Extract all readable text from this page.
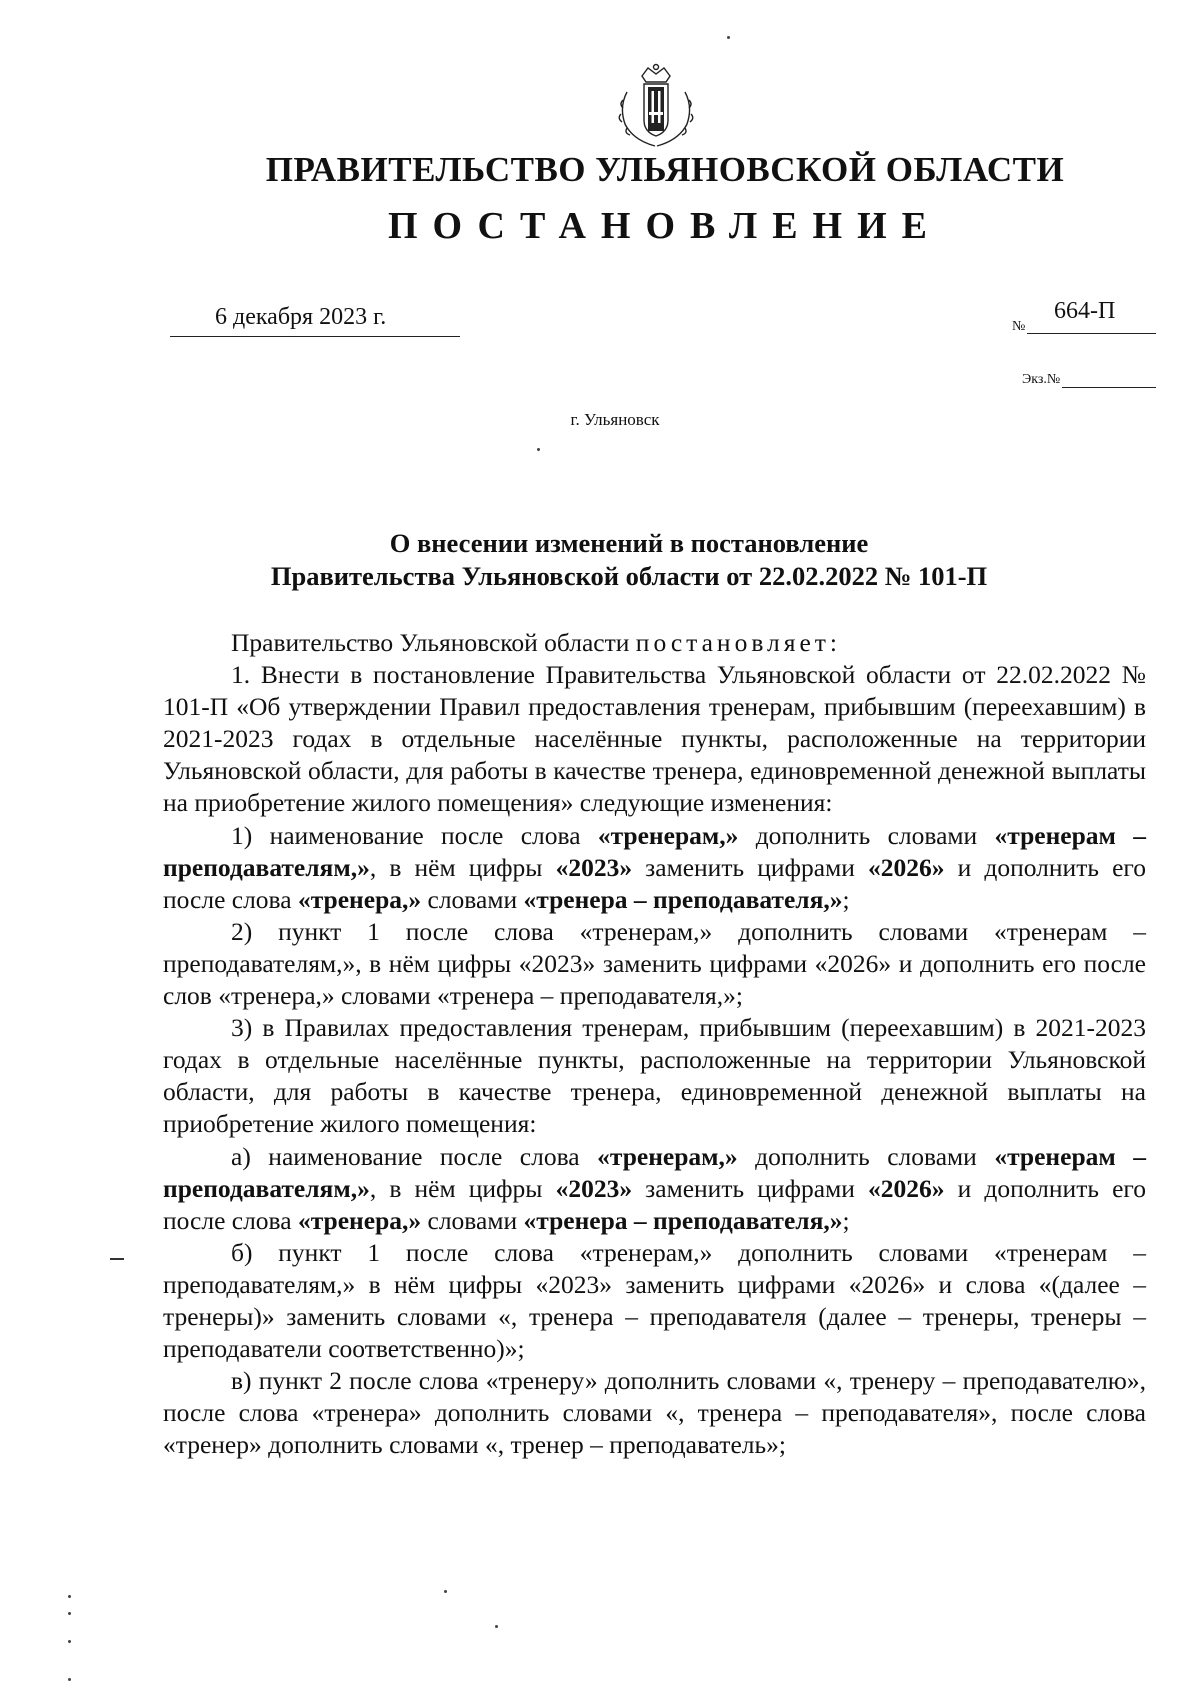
ПРАВИТЕЛЬСТВО УЛЬЯНОВСКОЙ ОБЛАСТИ
ПОСТАНОВЛЕНИЕ
6 декабря 2023 г.	664-П
№
Экз.№
г. Ульяновск
О внесении изменений в постановление
Правительства Ульяновской области от 22.02.2022 № 101-П

Правительство Ульяновской области постановляет:

1. Внести в постановление Правительства Ульяновской области от 22.02.2022 № 101-П «Об утверждении Правил предоставления тренерам, прибывшим (переехавшим) в 2021-2023 годах в отдельные населённые пункты, расположенные на территории Ульяновской области, для работы в качестве тренера, единовременной денежной выплаты на приобретение жилого помещения» следующие изменения:

1) наименование после слова «тренерам,» дополнить словами «тренерам – преподавателям,», в нём цифры «2023» заменить цифрами «2026» и дополнить его после слова «тренера,» словами «тренера – преподавателя,»;

2) пункт 1 после слова «тренерам,» дополнить словами «тренерам – преподавателям,», в нём цифры «2023» заменить цифрами «2026» и дополнить его после слов «тренера,» словами «тренера – преподавателя,»;

3) в Правилах предоставления тренерам, прибывшим (переехавшим) в 2021-2023 годах в отдельные населённые пункты, расположенные на территории Ульяновской области, для работы в качестве тренера, единовременной денежной выплаты на приобретение жилого помещения:

а) наименование после слова «тренерам,» дополнить словами «тренерам – преподавателям,», в нём цифры «2023» заменить цифрами «2026» и дополнить его после слова «тренера,» словами «тренера – преподавателя,»;

б) пункт 1 после слова «тренерам,» дополнить словами «тренерам – преподавателям,» в нём цифры «2023» заменить цифрами «2026» и слова «(далее – тренеры)» заменить словами «, тренера – преподавателя (далее – тренеры, тренеры – преподаватели соответственно)»;

в) пункт 2 после слова «тренеру» дополнить словами «, тренеру – преподавателю», после слова «тренера» дополнить словами «, тренера – преподавателя», после слова «тренер» дополнить словами «, тренер – преподаватель»;
